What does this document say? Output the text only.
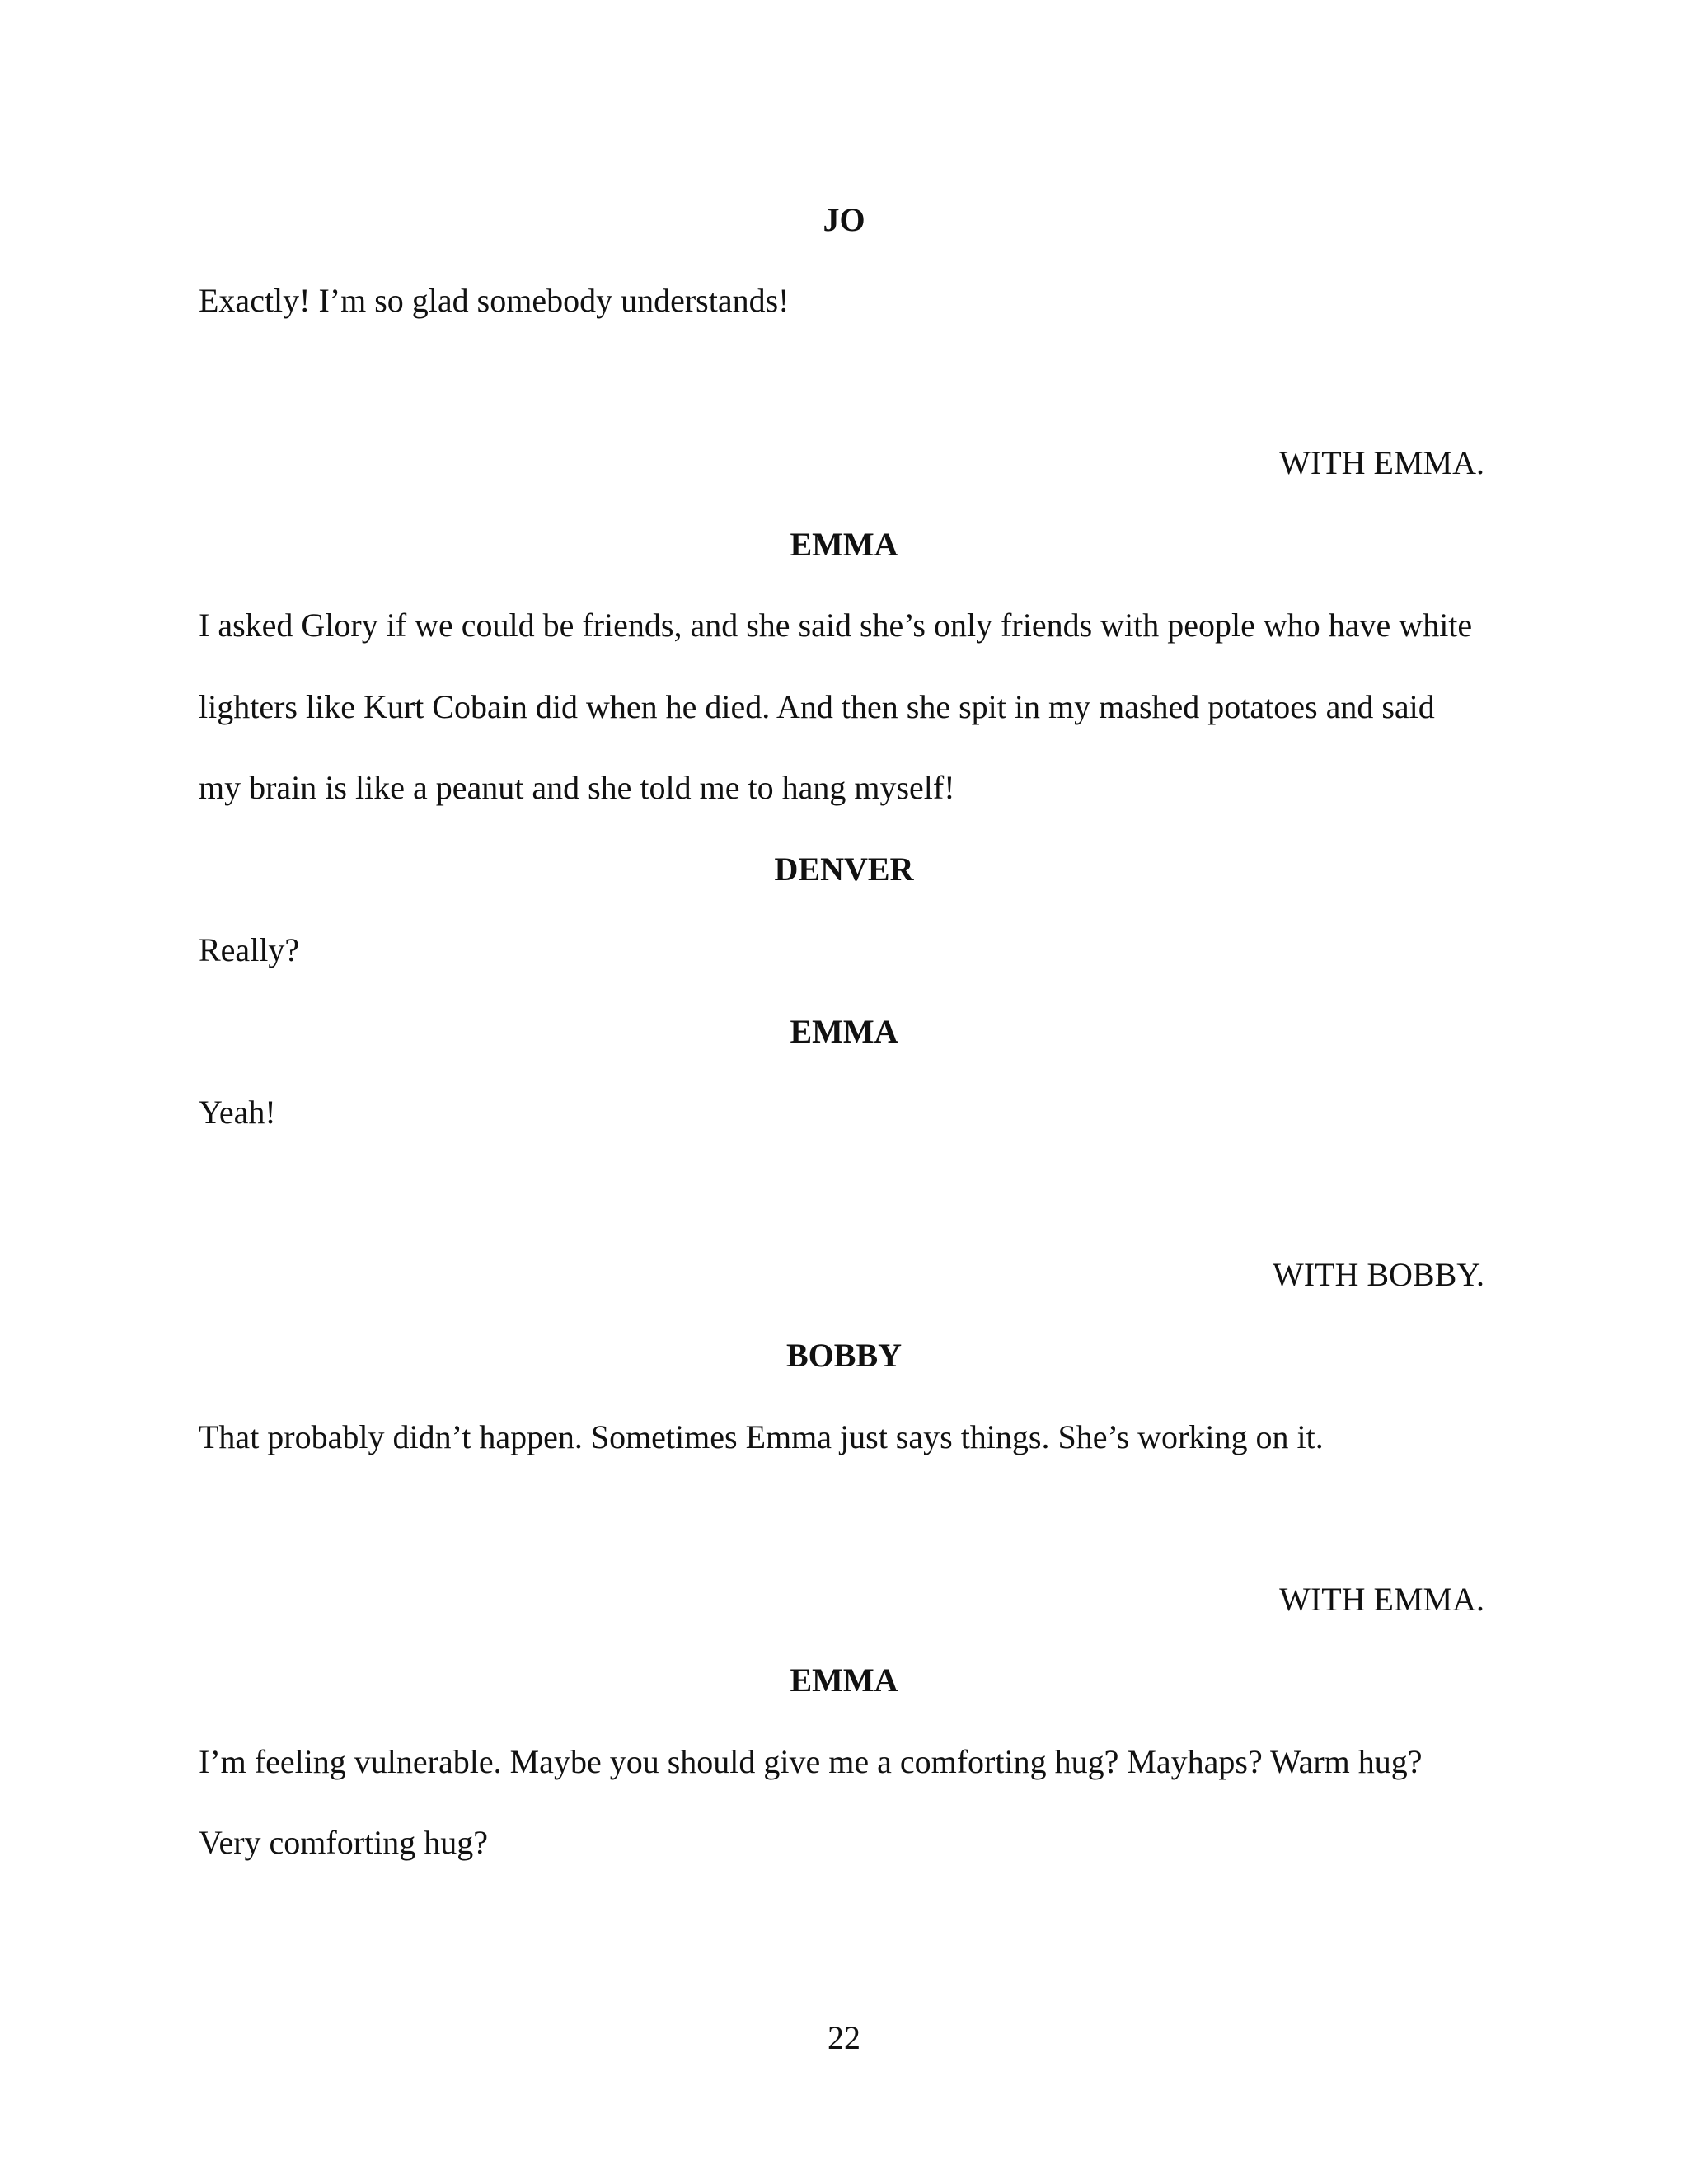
JO
Exactly! I’m so glad somebody understands!
WITH EMMA.
EMMA
I asked Glory if we could be friends, and she said she’s only friends with people who have white
lighters like Kurt Cobain did when he died. And then she spit in my mashed potatoes and said
my brain is like a peanut and she told me to hang myself!
DENVER
Really?
EMMA
Yeah!
WITH BOBBY.
BOBBY
That probably didn’t happen. Sometimes Emma just says things. She’s working on it.
WITH EMMA.
EMMA
I’m feeling vulnerable. Maybe you should give me a comforting hug? Mayhaps? Warm hug?
Very comforting hug?
22
